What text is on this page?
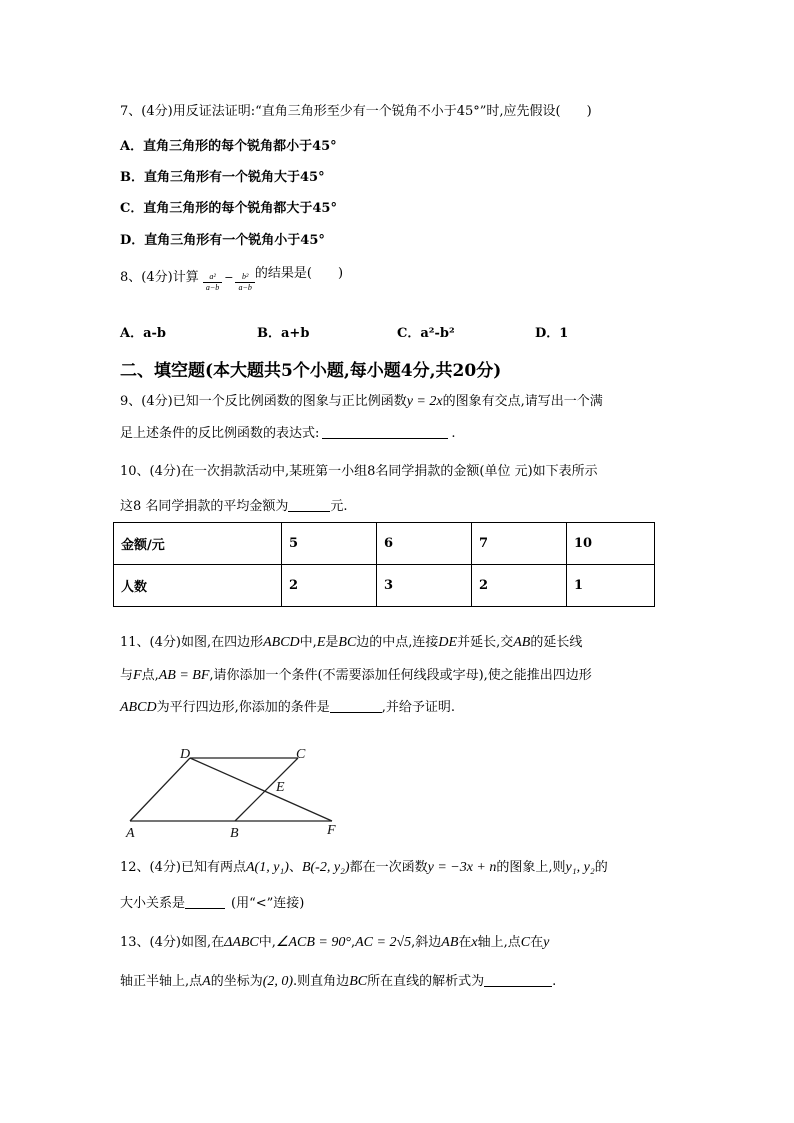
7、(4分)用反证法证明:“直角三角形至少有一个锐角不小于45°”时,应先假设(　　)
A．直角三角形的每个锐角都小于45°
B．直角三角形有一个锐角大于45°
C．直角三角形的每个锐角都大于45°
D．直角三角形有一个锐角小于45°
8、(4分)计算 $\frac{\text{a²}}{a-b} - \frac{\text{b²}}{a-b}$ 的结果是(　　)
A．a-b	B．a+b	C．a²-b²	D．1
二、填空题(本大题共5个小题,每小题4分,共20分)
9、(4分)已知一个反比例函数的图象与正比例函数y = 2x的图象有交点,请写出一个满
足上述条件的反比例函数的表达式:	.
10、(4分)在一次捐款活动中,某班第一小组8名同学捐款的金额(单位 元)如下表所示
这8 名同学捐款的平均金额为	元.
金额/元	5	6	7	10
人数	2	3	2	1
11、(4分)如图,在四边形ABCD中,E是BC边的中点,连接DE并延长,交AB的延长线
与F点,AB = BF,请你添加一个条件(不需要添加任何线段或字母),使之能推出四边形
ABCD为平行四边形,你添加的条件是	,并给予证明.
D	C
E
A	B	F
12、(4分)已知有两点A(1, y₁)、B(-2, y₂)都在一次函数y = −3x + n的图象上,则y₁, y₂的
大小关系是	(用“<”连接)
13、(4分)如图,在ΔABC中,∠ACB = 90°,AC = 2√5,斜边AB在x轴上,点C在y
轴正半轴上,点A的坐标为(2, 0).则直角边BC所在直线的解析式为	.
